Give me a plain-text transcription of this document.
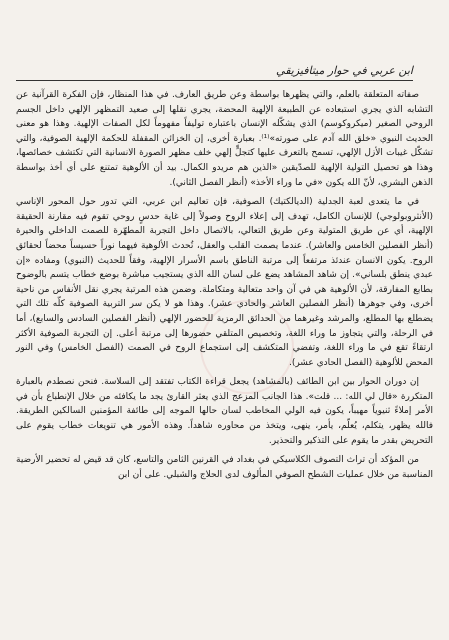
ابن عربي في حوار ميتافيزيقي

صفاته المتعلقة بالعلم، والتي يظهرها بواسطة وعن طريق العارف. في هذا المنظار، فإن الفكرة القرآنية عن التشابه الذي يجري استبعاده عن الطبيعة الإلهية المحضة، يجري نقلها إلى صعيد التمظهر الإلهي داخل الجسم الروحي الصغير (ميكروكوسم) الذي يشكّله الإنسان باعتباره توليفاً مفهوماً لكل الصفات الإلهية. وهذا هو معنى الحديث النبوي «خلق الله آدم على صورته»⁽¹⁾. بعبارة أخرى، إن الخزائن المقفلة للحكمة الإلهية الصوفية، والتي تشكّل غيبات الأزل الإلهي، تسمح بالتعرف عليها كتجلٍّ إلهي خلف مظهر الصورة الانسانية التي تكتشف خصائصها، وهذا هو تحصيل التولية الإلهية للصدّيقين «الذين هم مريدو الكمال. بيد أن الألوهية تمتنع على أي أخذ بواسطة الذهن البشري، لأنّ الله يكون «في ما وراء الأخذ» (أنظر الفصل الثاني).

في ما يتعدى لعبة الجدلية (الديالكتيك) الصوفية، فإن تعاليم ابن عربي، التي تدور حول المحور الإناسي (الأنثروبولوجي) للإنسان الكامل، تهدف إلى إعلاء الروح وصولاً إلى غاية حدسٍ روحي تقوم فيه مقارنة الحقيقة الإلهية، أي عن طريق المتولية وعن طريق التعالي، بالاتصال داخل التجربة المطهّرة للصمت الداخلي والحيرة (أنظر الفصلين الخامس والعاشر). عندما يصمت القلب والعقل، تُحدث الألوهية فيهما نوراً حسيساً محضاً لحقائق الروح. يكون الانسان عندئذ مرتفعاً إلى مرتبة الناطق باسم الأسرار الإلهية، وفقاً للحديث (النبوي) ومفاده «إن عبدي ينطق بلساني». إن شاهد المشاهد يضع على لسان الله الذي يستجيب مباشرة بوضع خطاب يتسم بالوضوح بطابع المفارقة، لأن الألوهية هي في آن واحد متعالية ومتكاملة. وضمن هذه المرتبة يجري نقل الأنفاس من ناحية أخرى، وفي جوهرها (أنظر الفصلين العاشر والحادي عشر). وهذا هو لا يكن سر التربية الصوفية كلّه تلك التي يضطلع بها المطلع، والمرشد وغيرهما من الحدائق الرمزية للحضور الإلهي (أنظر الفصلين السادس والسابع)، أما في الرحلة، والتي يتجاوز ما وراء اللغة، وتخصيص المتلقي حضورها إلى مرتبة أعلى. إن التجربة الصوفية الأكثر ارتقاءً تقع في ما وراء اللغة، وتفضي المتكشف إلى استجماع الروح في الصمت (الفصل الخامس) وفي النور المحض للألوهية (الفصل الحادي عشر).

إن دوران الحوار بين ابن الطائف (بالمشاهد) يجعل قراءة الكتاب تفتقد إلى السلاسة. فنحن نصطدم بالعبارة المتكررة «قال لي الله: ... قلت». هذا الجانب المزعج الذي يعثر القارئ يجد ما يكافئه من خلال الإنطباع بأن في الأمر إملاءً ثنيوياً مهيباً، يكون فيه الولي المخاطب لسان حالها الموجه إلى طائفة المؤمنين السالكين الطريقة. فالله يظهر، يتكلم، يُعلّم، يأمر، ينهى، ويتخذ من محاوره شاهداً. وهذه الأمور هي تنويعات خطاب يقوم على التحريض بقدر ما يقوم على التذكير والتحذير.

من المؤكد أن تراث التصوف الكلاسيكي في بغداد في القرنين الثامن والتاسع، كان قد قيض له تحضير الأرضية المناسبة من خلال عمليات الشطح الصوفي المألوف لدى الحلاج والشبلي. على أن ابن
